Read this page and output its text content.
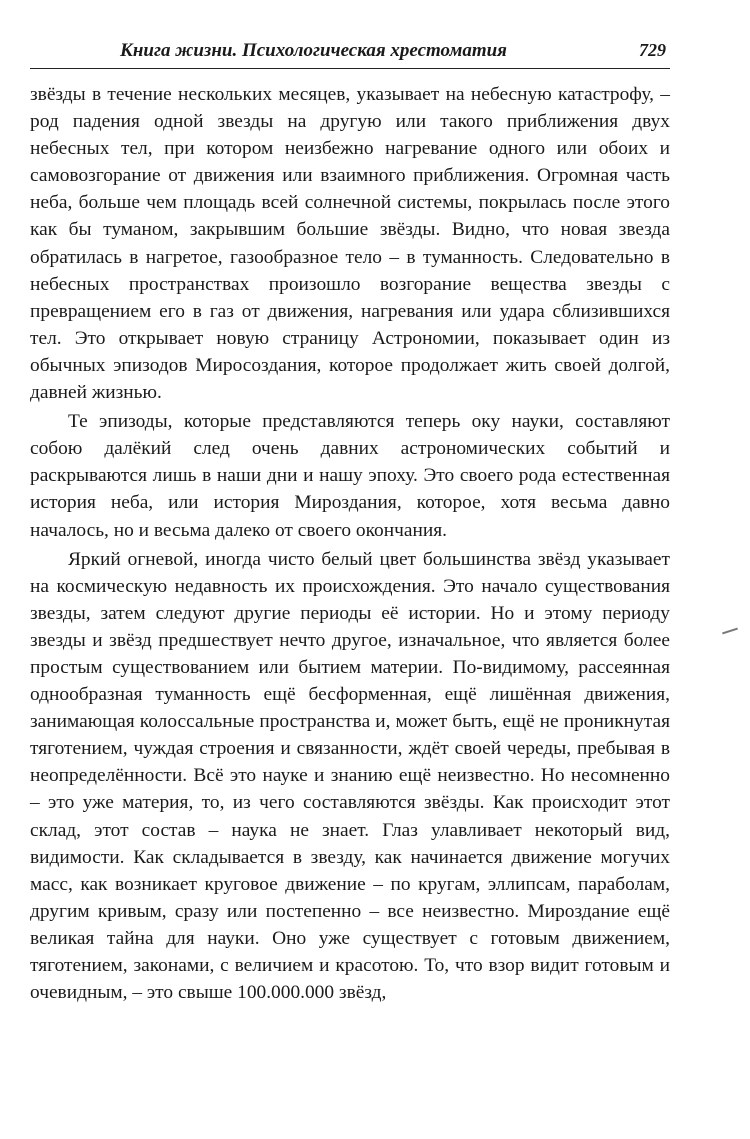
Книга жизни. Психологическая хрестоматия	729

звёзды в течение нескольких месяцев, указывает на небесную катастрофу, – род падения одной звезды на другую или такого приближения двух небесных тел, при котором неизбежно нагревание одного или обоих и самовозгорание от движения или взаимного приближения. Огромная часть неба, больше чем площадь всей солнечной системы, покрылась после этого как бы туманом, закрывшим большие звёзды. Видно, что новая звезда обратилась в нагретое, газообразное тело – в туманность. Следовательно в небесных пространствах произошло возгорание вещества звезды с превращением его в газ от движения, нагревания или удара сблизившихся тел. Это открывает новую страницу Астрономии, показывает один из обычных эпизодов Миросоздания, которое продолжает жить своей долгой, давней жизнью.

Те эпизоды, которые представляются теперь оку науки, составляют собою далёкий след очень давних астрономических событий и раскрываются лишь в наши дни и нашу эпоху. Это своего рода естественная история неба, или история Мироздания, которое, хотя весьма давно началось, но и весьма далеко от своего окончания.

Яркий огневой, иногда чисто белый цвет большинства звёзд указывает на космическую недавность их происхождения. Это начало существования звезды, затем следуют другие периоды её истории. Но и этому периоду звезды и звёзд предшествует нечто другое, изначальное, что является более простым существованием или бытием материи. По-видимому, рассеянная однообразная туманность ещё бесформенная, ещё лишённая движения, занимающая колоссальные пространства и, может быть, ещё не проникнутая тяготением, чуждая строения и связанности, ждёт своей череды, пребывая в неопределённости. Всё это науке и знанию ещё неизвестно. Но несомненно – это уже материя, то, из чего составляются звёзды. Как происходит этот склад, этот состав – наука не знает. Глаз улавливает некоторый вид, видимости. Как складывается в звезду, как начинается движение могучих масс, как возникает круговое движение – по кругам, эллипсам, параболам, другим кривым, сразу или постепенно – все неизвестно. Мироздание ещё великая тайна для науки. Оно уже существует с готовым движением, тяготением, законами, с величием и красотою. То, что взор видит готовым и очевидным, – это свыше 100.000.000 звёзд,
